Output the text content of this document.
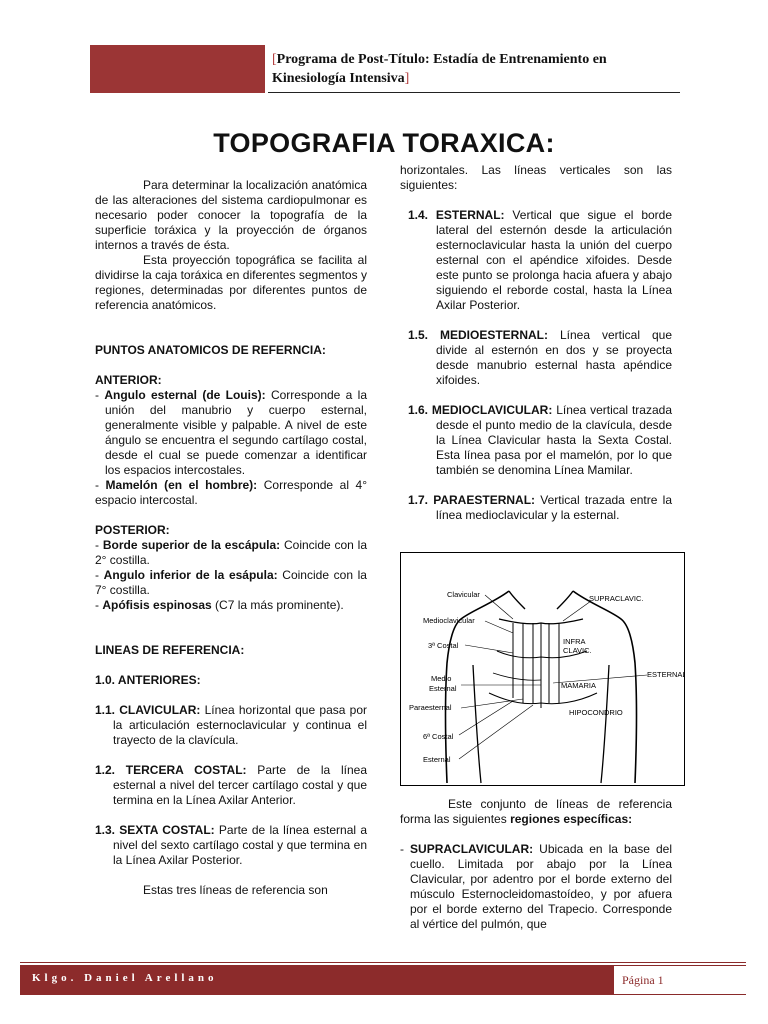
[Programa de Post-Título: Estadía de Entrenamiento en
Kinesiología Intensiva]
TOPOGRAFIA TORAXICA:

Para determinar la localización anatómica de las alteraciones del sistema cardiopulmonar es necesario poder conocer la topografía de la superficie toráxica y la proyección de órganos internos a través de ésta.

Esta proyección topográfica se facilita al dividirse la caja toráxica en diferentes segmentos y regiones, determinadas por diferentes puntos de referencia anatómicos.

PUNTOS ANATOMICOS DE REFERNCIA:

ANTERIOR:

- Angulo esternal (de Louis): Corresponde a la unión del manubrio y cuerpo esternal, generalmente visible y palpable. A nivel de este ángulo se encuentra el segundo cartílago costal, desde el cual se puede comenzar a identificar los espacios intercostales.

- Mamelón (en el hombre): Corresponde al 4° espacio intercostal.

POSTERIOR:

- Borde superior de la escápula: Coincide con la 2° costilla.

- Angulo inferior de la esápula: Coincide con la 7° costilla.

- Apófisis espinosas (C7 la más prominente).

LINEAS DE REFERENCIA:

1.0. ANTERIORES:

1.1. CLAVICULAR: Línea horizontal que pasa por la articulación esternoclavicular y continua el trayecto de la clavícula.

1.2. TERCERA COSTAL: Parte de la línea esternal a nivel del tercer cartílago costal y que termina en la Línea Axilar Anterior.

1.3. SEXTA COSTAL: Parte de la línea esternal a nivel del sexto cartílago costal y que termina en la Línea Axilar Posterior.

Estas tres líneas de referencia son

horizontales. Las líneas verticales son las siguientes:

1.4. ESTERNAL: Vertical que sigue el borde lateral del esternón desde la articulación esternoclavicular hasta la unión del cuerpo esternal con el apéndice xifoides. Desde este punto se prolonga hacia afuera y abajo siguiendo el reborde costal, hasta la Línea Axilar Posterior.

1.5. MEDIOESTERNAL: Línea vertical que divide al esternón en dos y se proyecta desde manubrio esternal hasta apéndice xifoides.

1.6. MEDIOCLAVICULAR: Línea vertical trazada desde el punto medio de la clavícula, desde la Línea Clavicular hasta la Sexta Costal. Esta línea pasa por el mamelón, por lo que también se denomina Línea Mamilar.

1.7. PARAESTERNAL: Vertical trazada entre la línea medioclavicular y la esternal.

Clavicular
Medioclavicular
3ª Costal
Medio
Esternal
Paraesternal
6ª Costal
Esternal
SUPRACLAVIC.
INFRA
CLAVIC.
MAMARIA
ESTERNAL
HIPOCONDRIO

Este conjunto de líneas de referencia forma las siguientes regiones específicas:

- SUPRACLAVICULAR: Ubicada en la base del cuello. Limitada por abajo por la Línea Clavicular, por adentro por el borde externo del músculo Esternocleidomastoídeo, y por afuera por el borde externo del Trapecio. Corresponde al vértice del pulmón, que

Klgo. Daniel Arellano	Página 1
